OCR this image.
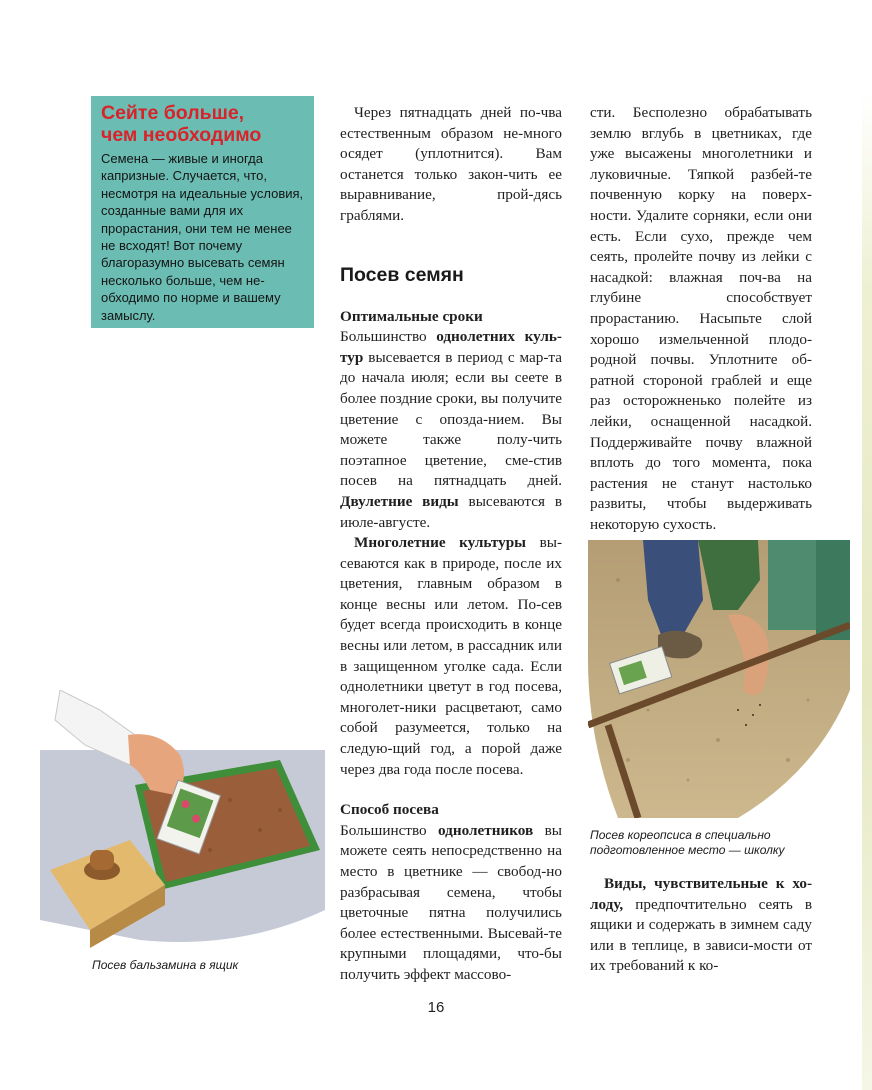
Сейте больше,
чем необходимо

Семена — живые и иногда капризные. Случается, что, несмотря на идеальные условия, созданные вами для их прорастания, они тем не менее не всходят! Вот почему благоразумно высевать семян несколько больше, чем не-обходимо по норме и вашему замыслу.

Через пятнадцать дней по-чва естественным образом не-много осядет (уплотнится). Вам останется только закон-чить ее выравнивание, прой-дясь граблями.

Посев семян

Оптимальные сроки

Большинство однолетних куль-тур высевается в период с мар-та до начала июля; если вы сеете в более поздние сроки, вы получите цветение с опозда-нием. Вы можете также полу-чить поэтапное цветение, сме-стив посев на пятнадцать дней. Двулетние виды высеваются в июле-августе.

Многолетние культуры вы-севаются как в природе, после их цветения, главным образом в конце весны или летом. По-сев будет всегда происходить в конце весны или летом, в рассадник или в защищенном уголке сада. Если однолетники цветут в год посева, многолет-ники расцветают, само собой разумеется, только на следую-щий год, а порой даже через два года после посева.

Способ посева

Большинство однолетников вы можете сеять непосредственно на место в цветнике — свобод-но разбрасывая семена, чтобы цветочные пятна получились более естественными. Высевай-те крупными площадями, что-бы получить эффект массово-

сти. Бесполезно обрабатывать землю вглубь в цветниках, где уже высажены многолетники и луковичные. Тяпкой разбей-те почвенную корку на поверх-ности. Удалите сорняки, если они есть. Если сухо, прежде чем сеять, пролейте почву из лейки с насадкой: влажная поч-ва на глубине способствует прорастанию. Насыпьте слой хорошо измельченной плодо-родной почвы. Уплотните об-ратной стороной граблей и еще раз осторожненько полейте из лейки, оснащенной насадкой. Поддерживайте почву влажной вплоть до того момента, пока растения не станут настолько развиты, чтобы выдерживать некоторую сухость.

Виды, чувствительные к хо-лоду, предпочтительно сеять в ящики и содержать в зимнем саду или в теплице, в зависи-мости от их требований к ко-

Посев кореопсиса в специально подготовленное место — школку
Посев бальзамина в ящик
16
